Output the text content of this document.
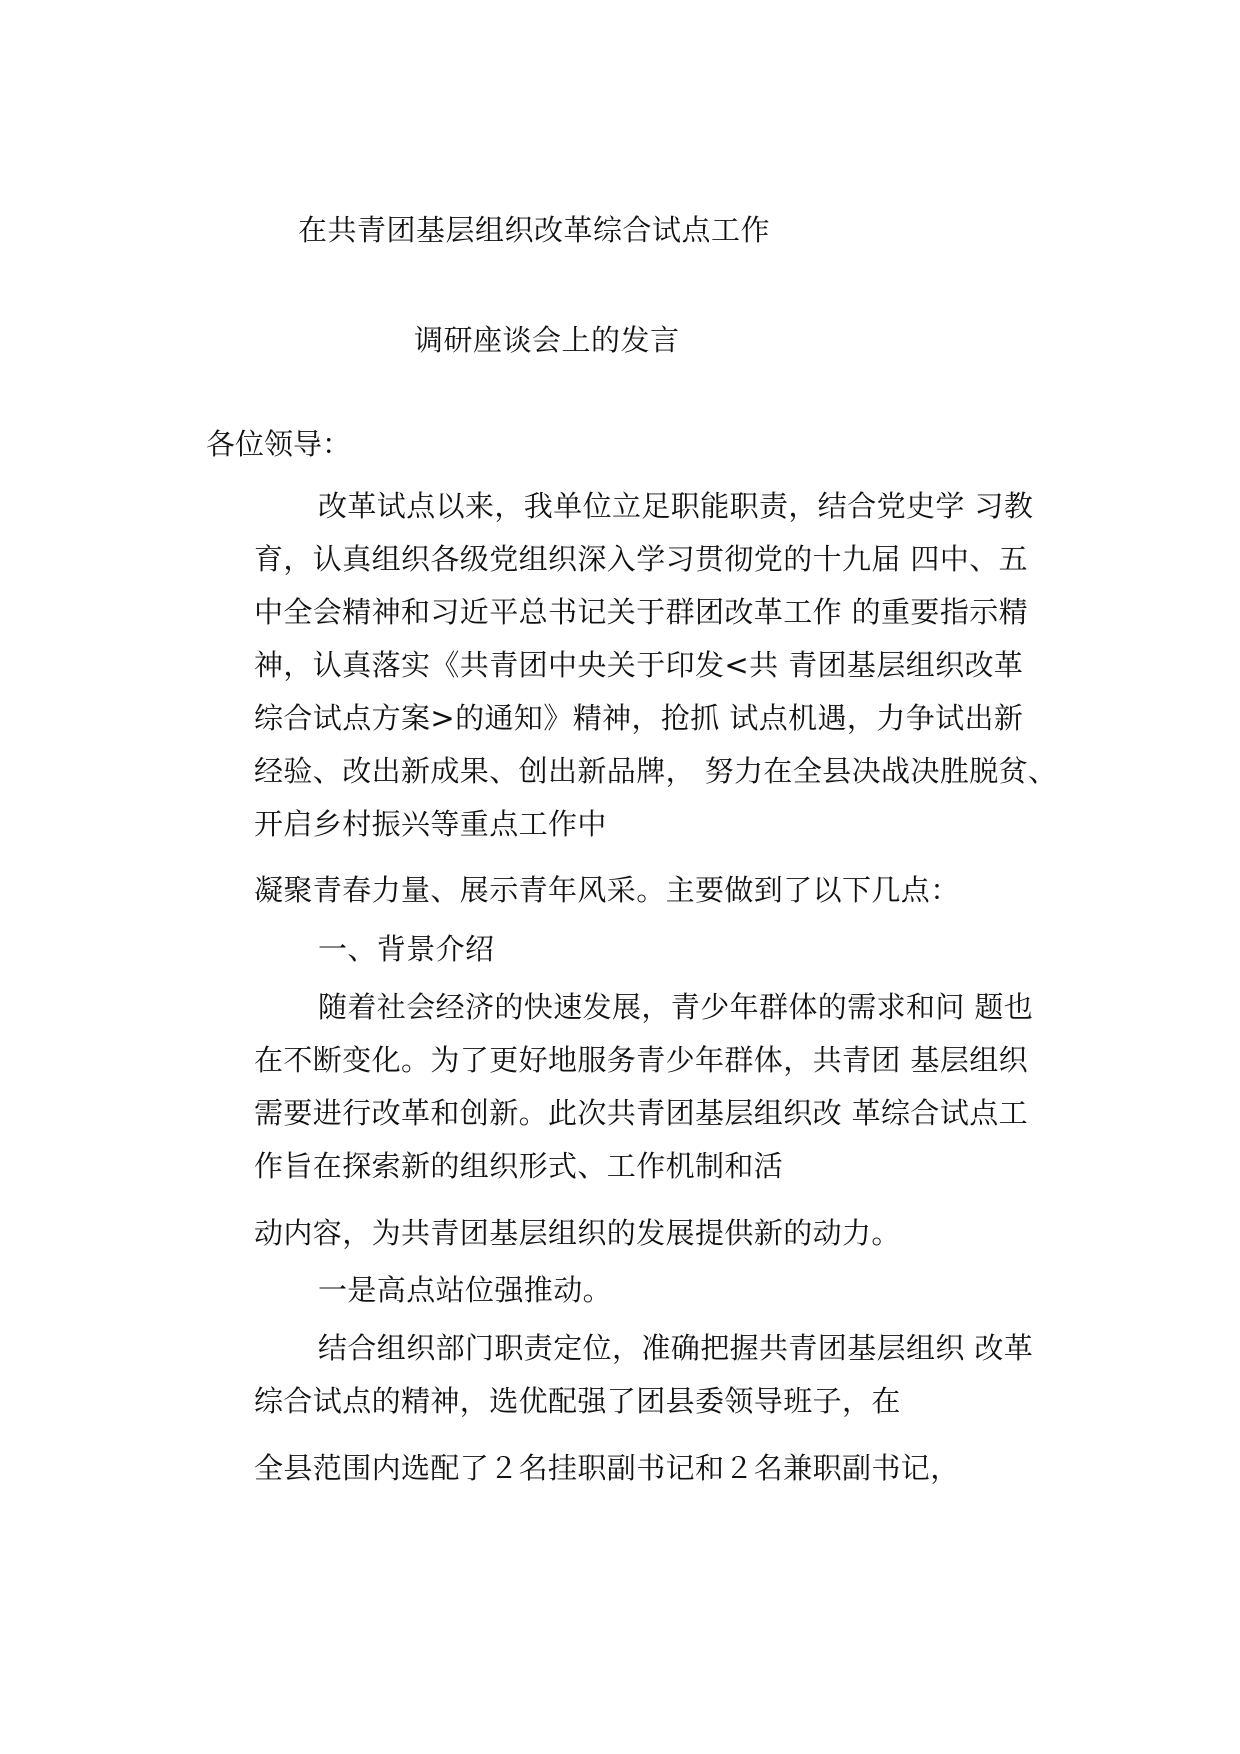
在共青团基层组织改革综合试点工作
调研座谈会上的发言
各位领导：
改革试点以来，我单位立足职能职责，结合党史学 习教
育，认真组织各级党组织深入学习贯彻党的十九届 四中、五
中全会精神和习近平总书记关于群团改革工作 的重要指示精
神，认真落实《共青团中央关于印发<共 青团基层组织改革
综合试点方案>的通知》精神，抢抓 试点机遇，力争试出新
经验、改出新成果、创出新品牌， 努力在全县决战决胜脱贫、
开启乡村振兴等重点工作中
凝聚青春力量、展示青年风采。主要做到了以下几点：
一、背景介绍
随着社会经济的快速发展，青少年群体的需求和问 题也
在不断变化。为了更好地服务青少年群体，共青团 基层组织
需要进行改革和创新。此次共青团基层组织改 革综合试点工
作旨在探索新的组织形式、工作机制和活
动内容，为共青团基层组织的发展提供新的动力。
一是高点站位强推动。
结合组织部门职责定位，准确把握共青团基层组织 改革
综合试点的精神，选优配强了团县委领导班子，在
全县范围内选配了２名挂职副书记和２名兼职副书记，
